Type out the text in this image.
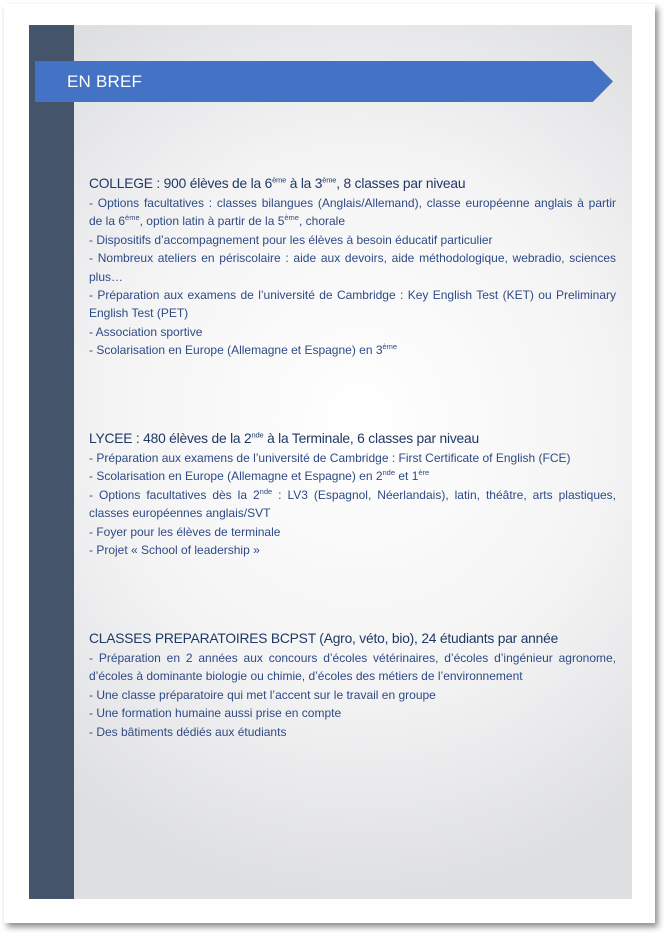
EN BREF
COLLEGE : 900 élèves de la 6ème à la 3ème, 8 classes par niveau

- Options facultatives : classes bilangues (Anglais/Allemand), classe européenne anglais à partir de la 6ème, option latin à partir de la 5ème, chorale

- Dispositifs d’accompagnement pour les élèves à besoin éducatif particulier

- Nombreux ateliers en périscolaire : aide aux devoirs, aide méthodologique, webradio, sciences plus…

- Préparation aux examens de l’université de Cambridge : Key English Test (KET) ou Preliminary English Test (PET)

- Association sportive

- Scolarisation en Europe (Allemagne et Espagne) en 3ème

LYCEE : 480 élèves de la 2nde à la Terminale, 6 classes par niveau

- Préparation aux examens de l’université de Cambridge : First Certificate of English (FCE)

- Scolarisation en Europe (Allemagne et Espagne) en 2nde et 1ère

- Options facultatives dès la 2nde : LV3 (Espagnol, Néerlandais), latin, théâtre, arts plastiques, classes européennes anglais/SVT

- Foyer pour les élèves de terminale

- Projet « School of leadership »

CLASSES PREPARATOIRES BCPST (Agro, véto, bio), 24 étudiants par année

- Préparation en 2 années aux concours d’écoles vétérinaires, d’écoles d’ingénieur agronome, d’écoles à dominante biologie ou chimie, d’écoles des métiers de l’environnement

- Une classe préparatoire qui met l’accent sur le travail en groupe

- Une formation humaine aussi prise en compte

- Des bâtiments dédiés aux étudiants
